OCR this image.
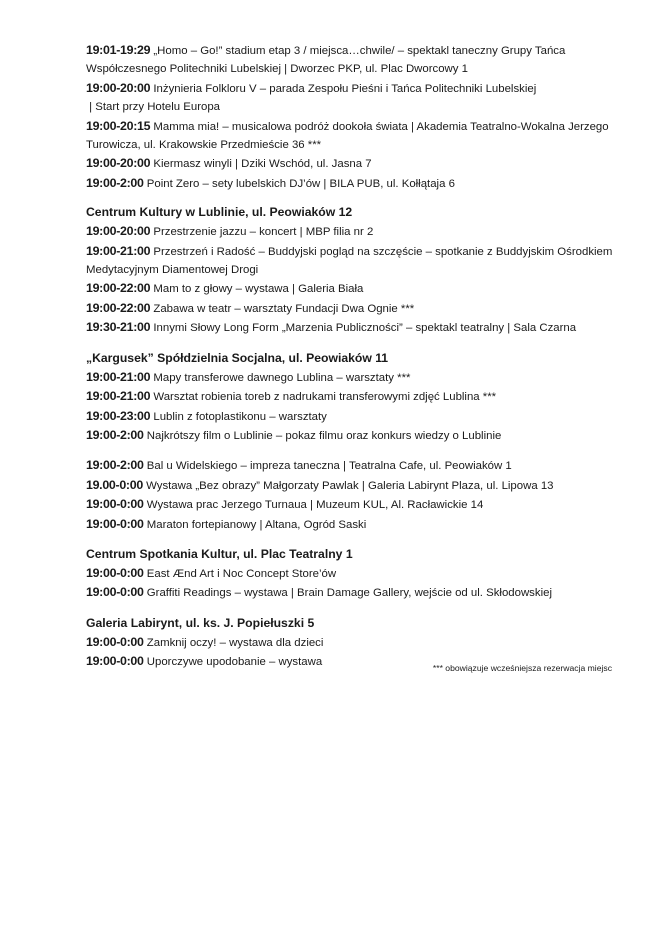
19:01-19:29 „Homo – Go!” stadium etap 3 / miejsca…chwile/ – spektakl taneczny Grupy Tańca Współczesnego Politechniki Lubelskiej | Dworzec PKP, ul. Plac Dworcowy 1
19:00-20:00 Inżynieria Folkloru V – parada Zespołu Pieśni i Tańca Politechniki Lubelskiej
| Start przy Hotelu Europa
19:00-20:15 Mamma mia! – musicalowa podróż dookoła świata | Akademia Teatralno-Wokalna Jerzego Turowicza, ul. Krakowskie Przedmieście 36 ***
19:00-20:00 Kiermasz winyli | Dziki Wschód, ul. Jasna 7
19:00-2:00 Point Zero – sety lubelskich DJ’ów | BILA PUB, ul. Kołłątaja 6
Centrum Kultury w Lublinie, ul. Peowiaków 12
19:00-20:00 Przestrzenie jazzu – koncert | MBP filia nr 2
19:00-21:00 Przestrzeń i Radość – Buddyjski pogląd na szczęście – spotkanie z Buddyjskim Ośrodkiem Medytacyjnym Diamentowej Drogi
19:00-22:00 Mam to z głowy – wystawa | Galeria Biała
19:00-22:00 Zabawa w teatr – warsztaty Fundacji Dwa Ognie ***
19:30-21:00 Innymi Słowy Long Form „Marzenia Publiczności” – spektakl teatralny | Sala Czarna
„Kargusek” Spółdzielnia Socjalna, ul. Peowiaków 11
19:00-21:00 Mapy transferowe dawnego Lublina – warsztaty ***
19:00-21:00 Warsztat robienia toreb z nadrukami transferowymi zdjęć Lublina ***
19:00-23:00 Lublin z fotoplastikonu – warsztaty
19:00-2:00 Najkrótszy film o Lublinie – pokaz filmu oraz konkurs wiedzy o Lublinie
19:00-2:00 Bal u Widelskiego – impreza taneczna | Teatralna Cafe, ul. Peowiaków 1
19.00-0:00 Wystawa „Bez obrazy” Małgorzaty Pawlak | Galeria Labirynt Plaza, ul. Lipowa 13
19:00-0:00 Wystawa prac Jerzego Turnaua | Muzeum KUL, Al. Racławickie 14
19:00-0:00 Maraton fortepianowy | Altana, Ogród Saski
Centrum Spotkania Kultur, ul. Plac Teatralny 1
19:00-0:00 East Ænd Art i Noc Concept Store’ów
19:00-0:00 Graffiti Readings – wystawa | Brain Damage Gallery, wejście od ul. Skłodowskiej
Galeria Labirynt, ul. ks. J. Popiełuszki 5
19:00-0:00 Zamknij oczy! – wystawa dla dzieci
19:00-0:00 Uporczywe upodobanie – wystawa	*** obowiązuje wcześniejsza rezerwacja miejsc
